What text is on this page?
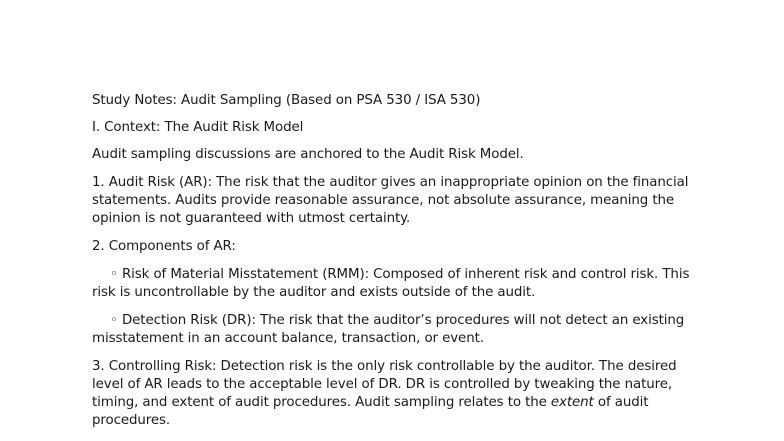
Study Notes: Audit Sampling (Based on PSA 530 / ISA 530)

I. Context: The Audit Risk Model

Audit sampling discussions are anchored to the Audit Risk Model.

1. Audit Risk (AR): The risk that the auditor gives an inappropriate opinion on the financial statements. Audits provide reasonable assurance, not absolute assurance, meaning the opinion is not guaranteed with utmost certainty.

2. Components of AR:

◦ Risk of Material Misstatement (RMM): Composed of inherent risk and control risk. This risk is uncontrollable by the auditor and exists outside of the audit.

◦ Detection Risk (DR): The risk that the auditor’s procedures will not detect an existing misstatement in an account balance, transaction, or event.

3. Controlling Risk: Detection risk is the only risk controllable by the auditor. The desired level of AR leads to the acceptable level of DR. DR is controlled by tweaking the nature, timing, and extent of audit procedures. Audit sampling relates to the extent of audit procedures.
